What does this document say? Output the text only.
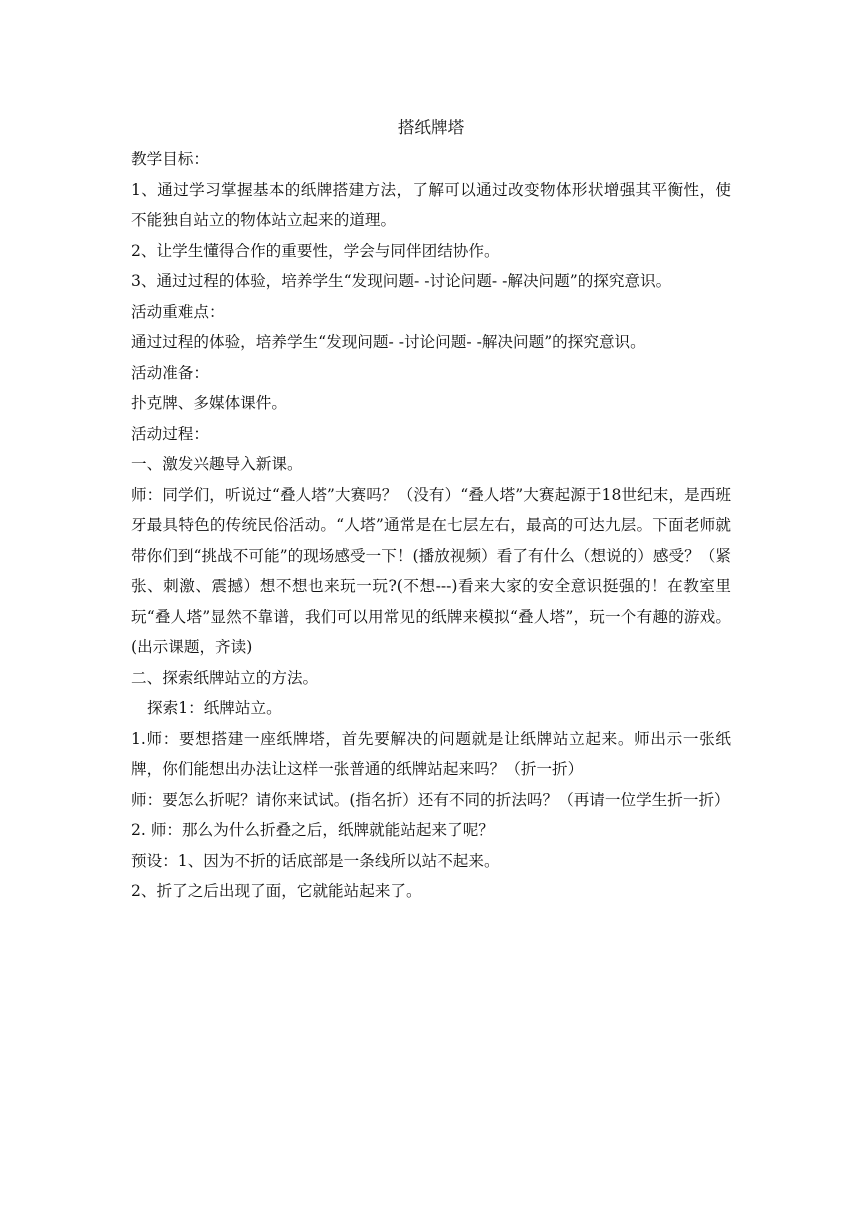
搭纸牌塔

教学目标：

1、通过学习掌握基本的纸牌搭建方法，了解可以通过改变物体形状增强其平衡性，使不能独自站立的物体站立起来的道理。

2、让学生懂得合作的重要性，学会与同伴团结协作。

3、通过过程的体验，培养学生“发现问题- -讨论问题- -解决问题”的探究意识。

活动重难点：

通过过程的体验，培养学生“发现问题- -讨论问题- -解决问题”的探究意识。

活动准备：

扑克牌、多媒体课件。

活动过程：

一、激发兴趣导入新课。

师：同学们，听说过“叠人塔”大赛吗？（没有）“叠人塔”大赛起源于18世纪末，是西班牙最具特色的传统民俗活动。“人塔”通常是在七层左右，最高的可达九层。下面老师就带你们到“挑战不可能”的现场感受一下！(播放视频）看了有什么（想说的）感受？（紧张、刺激、震撼）想不想也来玩一玩?(不想---)看来大家的安全意识挺强的！在教室里玩“叠人塔”显然不靠谱，我们可以用常见的纸牌来模拟“叠人塔”，玩一个有趣的游戏。(出示课题，齐读)

二、探索纸牌站立的方法。

探索1：纸牌站立。

1.师：要想搭建一座纸牌塔，首先要解决的问题就是让纸牌站立起来。师出示一张纸牌，你们能想出办法让这样一张普通的纸牌站起来吗？（折一折）

师：要怎么折呢？请你来试试。(指名折）还有不同的折法吗？（再请一位学生折一折）

2. 师：那么为什么折叠之后，纸牌就能站起来了呢？

预设：1、因为不折的话底部是一条线所以站不起来。

2、折了之后出现了面，它就能站起来了。
